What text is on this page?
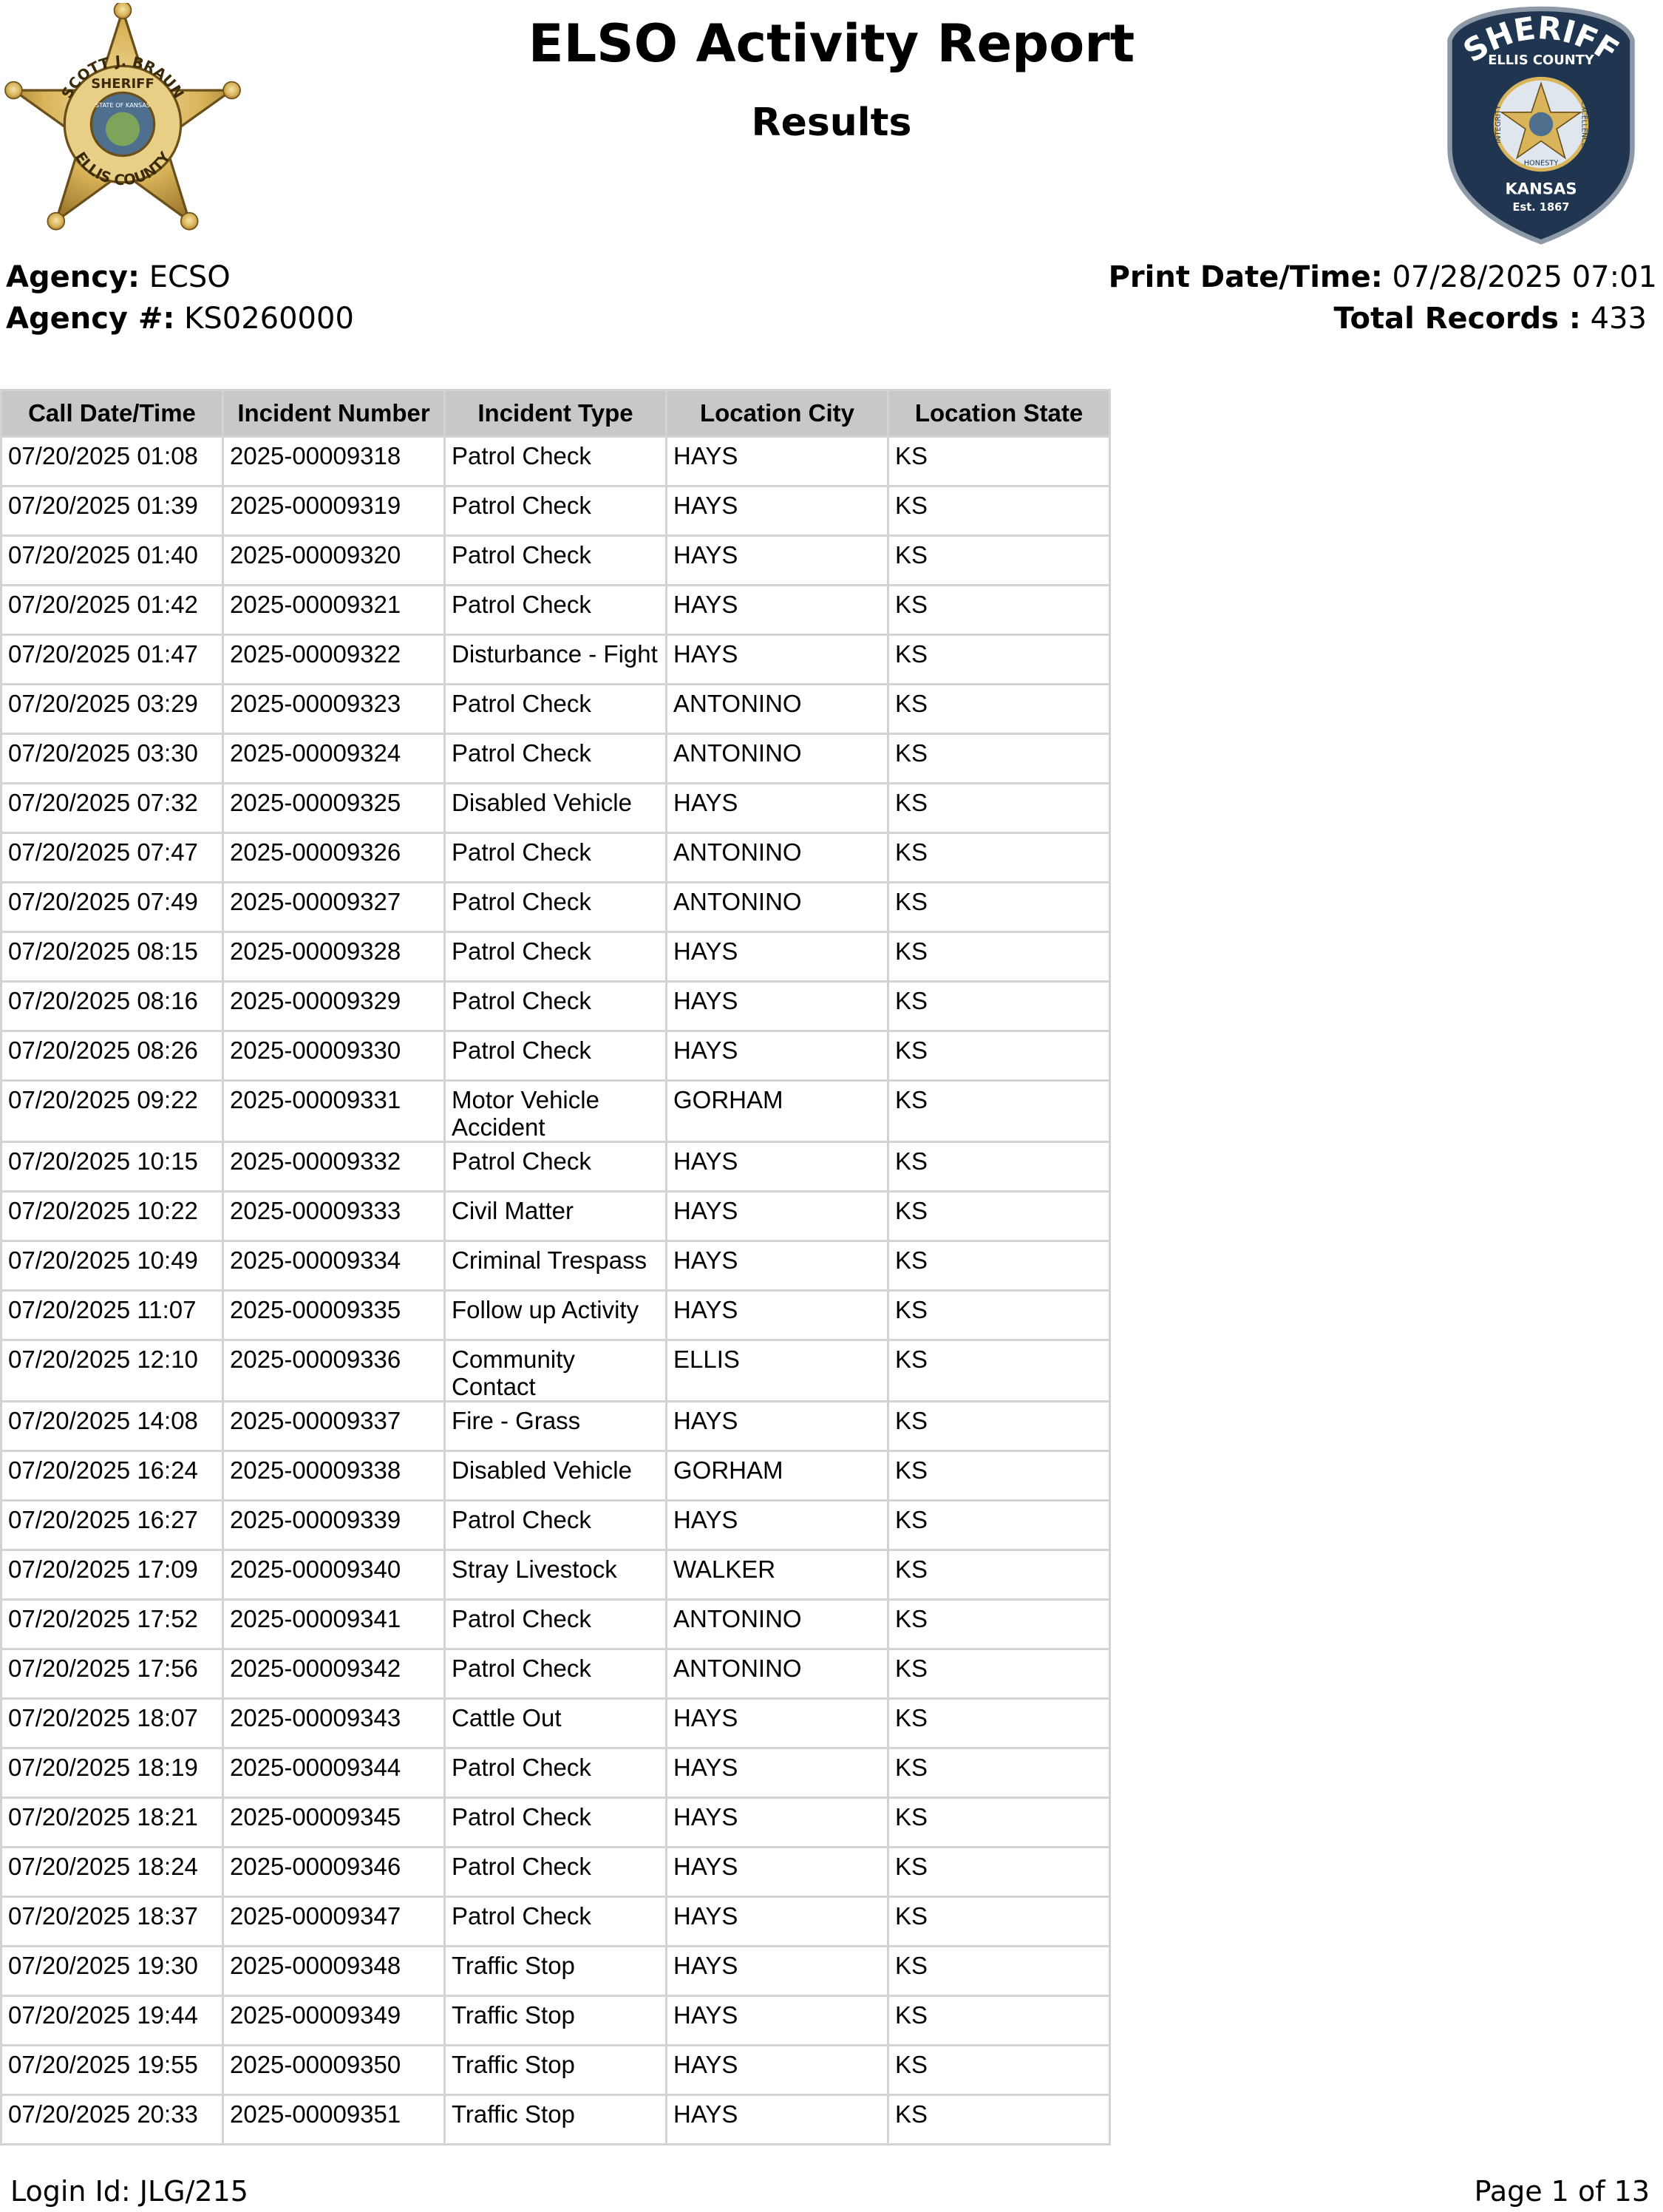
SCOTT J. BRAUN
ELLIS COUNTY
SHERIFF
STATE OF KANSAS
SHERIFF
ELLIS COUNTY
INTEGRITY	EXCELLENCE
HONESTY
KANSAS
Est. 1867
ELSO Activity Report
Results
Agency: ECSO
Agency #: KS0260000
Print Date/Time: 07/28/2025 07:01
Total Records : 433
Call Date/Time	Incident Number	Incident Type	Location City	Location State
07/20/2025 01:08	2025-00009318	Patrol Check	HAYS	KS
07/20/2025 01:39	2025-00009319	Patrol Check	HAYS	KS
07/20/2025 01:40	2025-00009320	Patrol Check	HAYS	KS
07/20/2025 01:42	2025-00009321	Patrol Check	HAYS	KS
07/20/2025 01:47	2025-00009322	Disturbance - Fight	HAYS	KS
07/20/2025 03:29	2025-00009323	Patrol Check	ANTONINO	KS
07/20/2025 03:30	2025-00009324	Patrol Check	ANTONINO	KS
07/20/2025 07:32	2025-00009325	Disabled Vehicle	HAYS	KS
07/20/2025 07:47	2025-00009326	Patrol Check	ANTONINO	KS
07/20/2025 07:49	2025-00009327	Patrol Check	ANTONINO	KS
07/20/2025 08:15	2025-00009328	Patrol Check	HAYS	KS
07/20/2025 08:16	2025-00009329	Patrol Check	HAYS	KS
07/20/2025 08:26	2025-00009330	Patrol Check	HAYS	KS
07/20/2025 09:22	2025-00009331	Motor Vehicle Accident	GORHAM	KS
07/20/2025 10:15	2025-00009332	Patrol Check	HAYS	KS
07/20/2025 10:22	2025-00009333	Civil Matter	HAYS	KS
07/20/2025 10:49	2025-00009334	Criminal Trespass	HAYS	KS
07/20/2025 11:07	2025-00009335	Follow up Activity	HAYS	KS
07/20/2025 12:10	2025-00009336	Community Contact	ELLIS	KS
07/20/2025 14:08	2025-00009337	Fire - Grass	HAYS	KS
07/20/2025 16:24	2025-00009338	Disabled Vehicle	GORHAM	KS
07/20/2025 16:27	2025-00009339	Patrol Check	HAYS	KS
07/20/2025 17:09	2025-00009340	Stray Livestock	WALKER	KS
07/20/2025 17:52	2025-00009341	Patrol Check	ANTONINO	KS
07/20/2025 17:56	2025-00009342	Patrol Check	ANTONINO	KS
07/20/2025 18:07	2025-00009343	Cattle Out	HAYS	KS
07/20/2025 18:19	2025-00009344	Patrol Check	HAYS	KS
07/20/2025 18:21	2025-00009345	Patrol Check	HAYS	KS
07/20/2025 18:24	2025-00009346	Patrol Check	HAYS	KS
07/20/2025 18:37	2025-00009347	Patrol Check	HAYS	KS
07/20/2025 19:30	2025-00009348	Traffic Stop	HAYS	KS
07/20/2025 19:44	2025-00009349	Traffic Stop	HAYS	KS
07/20/2025 19:55	2025-00009350	Traffic Stop	HAYS	KS
07/20/2025 20:33	2025-00009351	Traffic Stop	HAYS	KS
Login Id: JLG/215	Page 1 of 13
